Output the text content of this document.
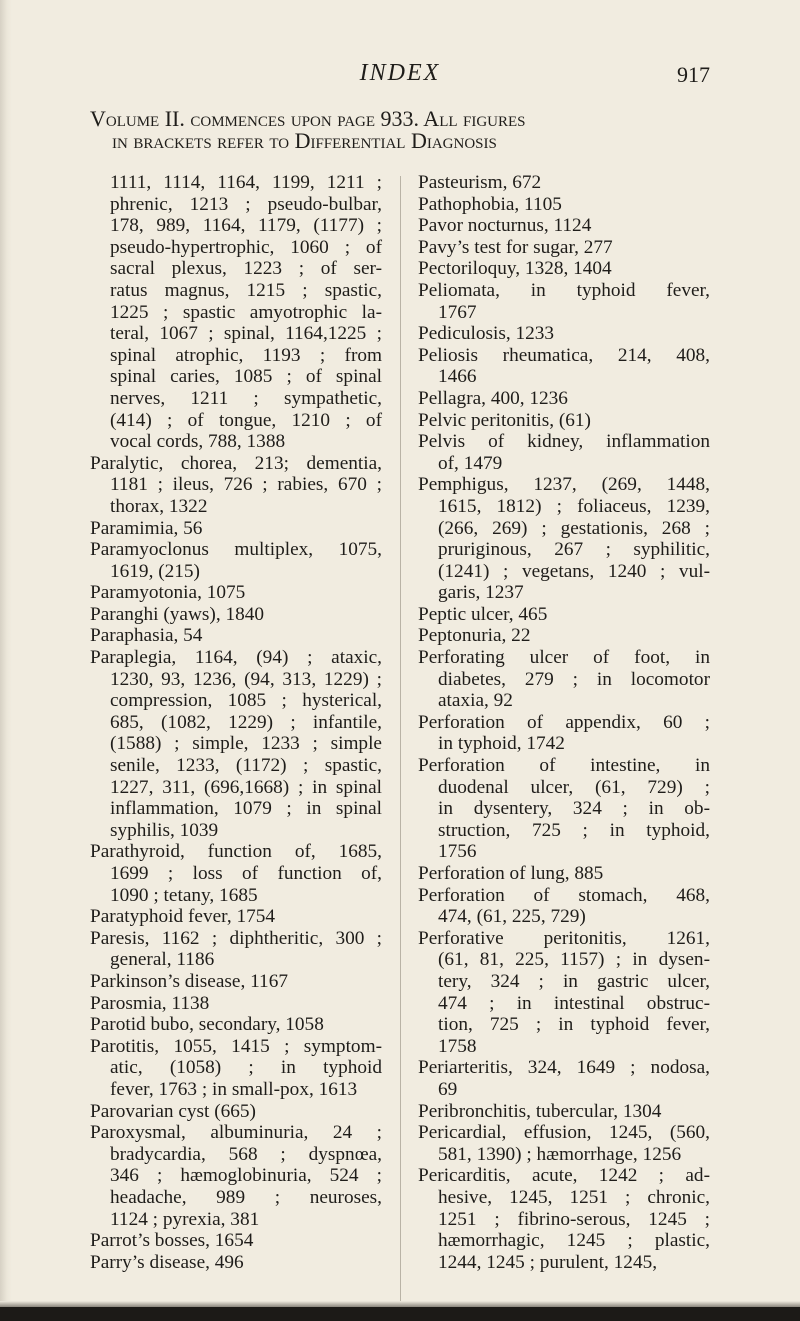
INDEX	917
Volume II. commences upon page 933. All figures
in brackets refer to Differential Diagnosis
1111, 1114, 1164, 1199, 1211 ;
phrenic, 1213 ; pseudo-bulbar,
178, 989, 1164, 1179, (1177) ;
pseudo-hypertrophic, 1060 ; of
sacral plexus, 1223 ; of ser-
ratus magnus, 1215 ; spastic,
1225 ; spastic amyotrophic la-
teral, 1067 ; spinal, 1164,1225 ;
spinal atrophic, 1193 ; from
spinal caries, 1085 ; of spinal
nerves, 1211 ; sympathetic,
(414) ; of tongue, 1210 ; of
vocal cords, 788, 1388
Paralytic, chorea, 213; dementia,
1181 ; ileus, 726 ; rabies, 670 ;
thorax, 1322
Paramimia, 56
Paramyoclonus multiplex, 1075,
1619, (215)
Paramyotonia, 1075
Paranghi (yaws), 1840
Paraphasia, 54
Paraplegia, 1164, (94) ; ataxic,
1230, 93, 1236, (94, 313, 1229) ;
compression, 1085 ; hysterical,
685, (1082, 1229) ; infantile,
(1588) ; simple, 1233 ; simple
senile, 1233, (1172) ; spastic,
1227, 311, (696,1668) ; in spinal
inflammation, 1079 ; in spinal
syphilis, 1039
Parathyroid, function of, 1685,
1699 ; loss of function of,
1090 ; tetany, 1685
Paratyphoid fever, 1754
Paresis, 1162 ; diphtheritic, 300 ;
general, 1186
Parkinson’s disease, 1167
Parosmia, 1138
Parotid bubo, secondary, 1058
Parotitis, 1055, 1415 ; symptom-
atic, (1058) ; in typhoid
fever, 1763 ; in small-pox, 1613
Parovarian cyst (665)
Paroxysmal, albuminuria, 24 ;
bradycardia, 568 ; dyspnœa,
346 ; hæmoglobinuria, 524 ;
headache, 989 ; neuroses,
1124 ; pyrexia, 381
Parrot’s bosses, 1654
Parry’s disease, 496
Pasteurism, 672
Pathophobia, 1105
Pavor nocturnus, 1124
Pavy’s test for sugar, 277
Pectoriloquy, 1328, 1404
Peliomata, in typhoid fever,
1767
Pediculosis, 1233
Peliosis rheumatica, 214, 408,
1466
Pellagra, 400, 1236
Pelvic peritonitis, (61)
Pelvis of kidney, inflammation
of, 1479
Pemphigus, 1237, (269, 1448,
1615, 1812) ; foliaceus, 1239,
(266, 269) ; gestationis, 268 ;
pruriginous, 267 ; syphilitic,
(1241) ; vegetans, 1240 ; vul-
garis, 1237
Peptic ulcer, 465
Peptonuria, 22
Perforating ulcer of foot, in
diabetes, 279 ; in locomotor
ataxia, 92
Perforation of appendix, 60 ;
in typhoid, 1742
Perforation of intestine, in
duodenal ulcer, (61, 729) ;
in dysentery, 324 ; in ob-
struction, 725 ; in typhoid,
1756
Perforation of lung, 885
Perforation of stomach, 468,
474, (61, 225, 729)
Perforative peritonitis, 1261,
(61, 81, 225, 1157) ; in dysen-
tery, 324 ; in gastric ulcer,
474 ; in intestinal obstruc-
tion, 725 ; in typhoid fever,
1758
Periarteritis, 324, 1649 ; nodosa,
69
Peribronchitis, tubercular, 1304
Pericardial, effusion, 1245, (560,
581, 1390) ; hæmorrhage, 1256
Pericarditis, acute, 1242 ; ad-
hesive, 1245, 1251 ; chronic,
1251 ; fibrino-serous, 1245 ;
hæmorrhagic, 1245 ; plastic,
1244, 1245 ; purulent, 1245,
